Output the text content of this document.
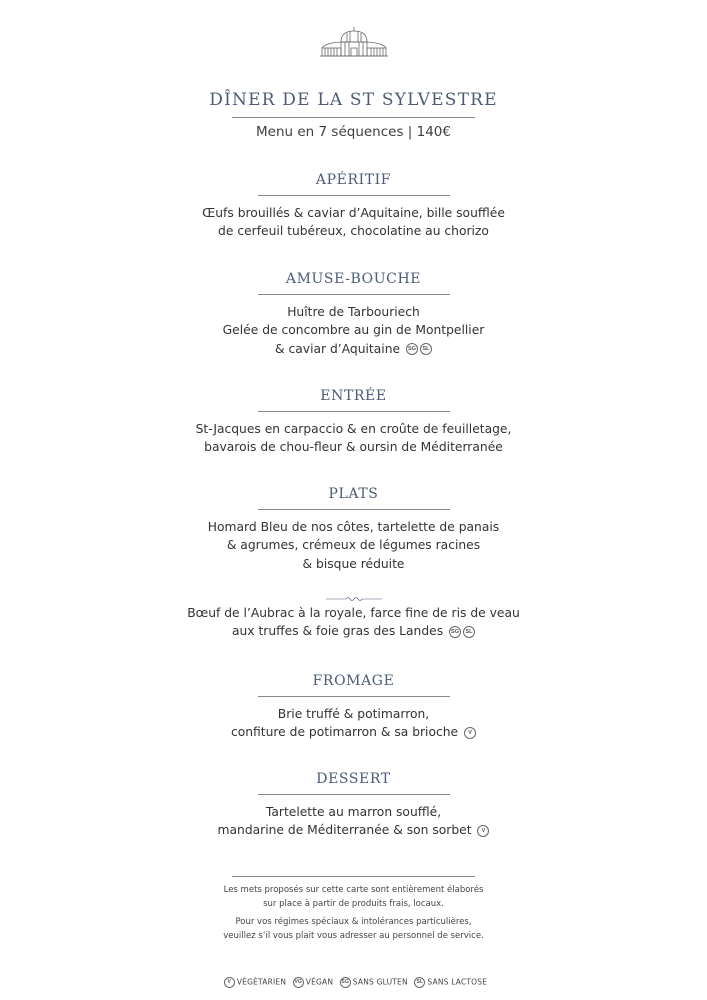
DÎNER DE LA ST SYLVESTRE
Menu en 7 séquences | 140€
APÉRITIF
Œufs brouillés & caviar d’Aquitaine, bille soufflée
de cerfeuil tubéreux, chocolatine au chorizo
AMUSE-BOUCHE
Huître de Tarbouriech
Gelée de concombre au gin de Montpellier
& caviar d’Aquitaine SG SL
ENTRÉE
St-Jacques en carpaccio & en croûte de feuilletage,
bavarois de chou-fleur & oursin de Méditerranée
PLATS
Homard Bleu de nos côtes, tartelette de panais
& agrumes, crémeux de légumes racines
& bisque réduite
Bœuf de l’Aubrac à la royale, farce fine de ris de veau
aux truffes & foie gras des Landes SG SL
FROMAGE
Brie truffé & potimarron,
confiture de potimarron & sa brioche V
DESSERT
Tartelette au marron soufflé,
mandarine de Méditerranée & son sorbet V
Les mets proposés sur cette carte sont entièrement élaborés
sur place à partir de produits frais, locaux.
Pour vos régimes spéciaux & intolérances particulières,
veuillez s’il vous plait vous adresser au personnel de service.
V VÉGÉTARIEN VG VÉGAN SG SANS GLUTEN SL SANS LACTOSE
